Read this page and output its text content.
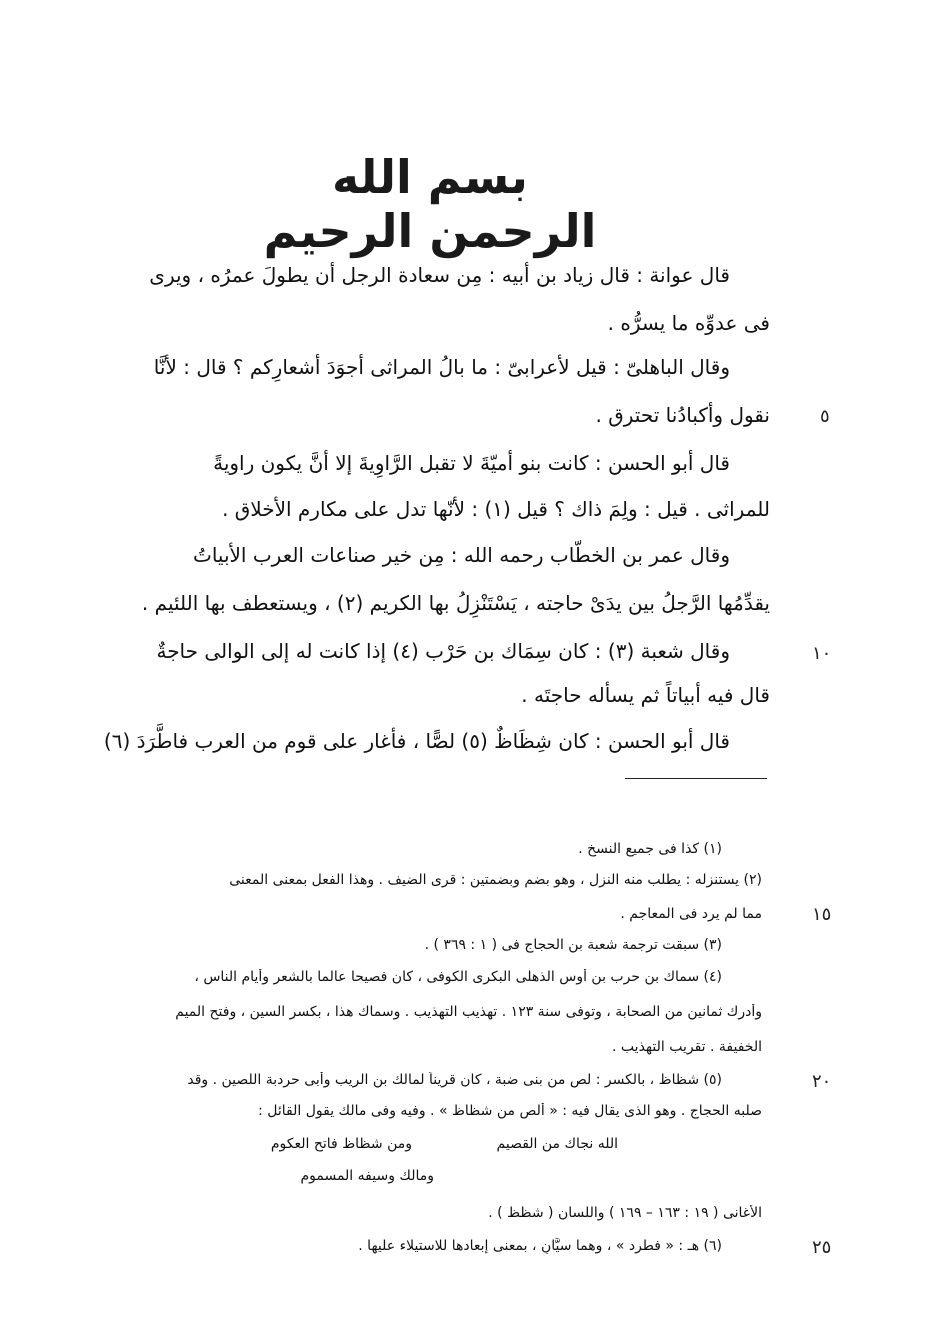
بسم الله الرحمن الرحيم
قال عوانة : قال زياد بن أبيه : مِن سعادة الرجل أن يطولَ عمرُه ، ويرى
فى عدوِّه ما يسرُّه .
وقال الباهلىّ : قيل لأعرابىّ : ما بالُ المراثى أجوَدَ أشعارِكم ؟ قال : لأنَّا
نقول وأكبادُنا تحترق .
قال أبو الحسن : كانت بنو أميّةَ لا تقبل الرَّاوِيةَ إلا أنَّ يكون راويةً
للمراثى . قيل : ولِمَ ذاك ؟ قيل (١) : لأنّها تدل على مكارم الأخلاق .
وقال عمر بن الخطّاب رحمه الله : مِن خير صناعات العرب الأبياتُ
يقدِّمُها الرَّجلُ بين يدَىْ حاجته ، يَسْتَنْزِلُ بها الكريم (٢) ، ويستعطف بها اللئيم .
وقال شعبة (٣) : كان سِمَاك بن حَرْب (٤) إذا كانت له إلى الوالى حاجةٌ
قال فيه أبياتاً ثم يسأله حاجتَه .
قال أبو الحسن : كان شِظَاظٌ (٥) لصًّا ، فأغار على قوم من العرب فاطَّرَدَ (٦)
٥
١٠
(١) كذا فى جميع النسخ .
(٢) يستنزله : يطلب منه النزل ، وهو بضم وبضمتين : قرى الضيف . وهذا الفعل بمعنى المعنى
مما لم يرد فى المعاجم .
(٣) سبقت ترجمة شعبة بن الحجاج فى ( ١ : ٣٦٩ ) .
(٤) سماك بن حرب بن أوس الذهلى البكرى الكوفى ، كان فصيحا عالما بالشعر وأيام الناس ،
وأدرك ثمانين من الصحابة ، وتوفى سنة ١٢٣ . تهذيب التهذيب . وسماك هذا ، بكسر السين ، وفتح الميم
الخفيفة . تقريب التهذيب .
(٥) شظاظ ، بالكسر : لص من بنى ضبة ، كان قريناً لمالك بن الريب وأبى حردبة اللصين . وقد
صلبه الحجاج . وهو الذى يقال فيه : « ألص من شظاظ » . وفيه وفى مالك يقول القائل :
الله نجاك من القصيم
ومن شظاظ فاتح العكوم
ومالك وسيفه المسموم
الأغانى ( ١٩ : ١٦٣ – ١٦٩ ) واللسان ( شظظ ) .
(٦) هـ : « فطرد » ، وهما سيَّانِ ، بمعنى إبعادها للاستيلاء عليها .
١٥
٢٠
٢٥
